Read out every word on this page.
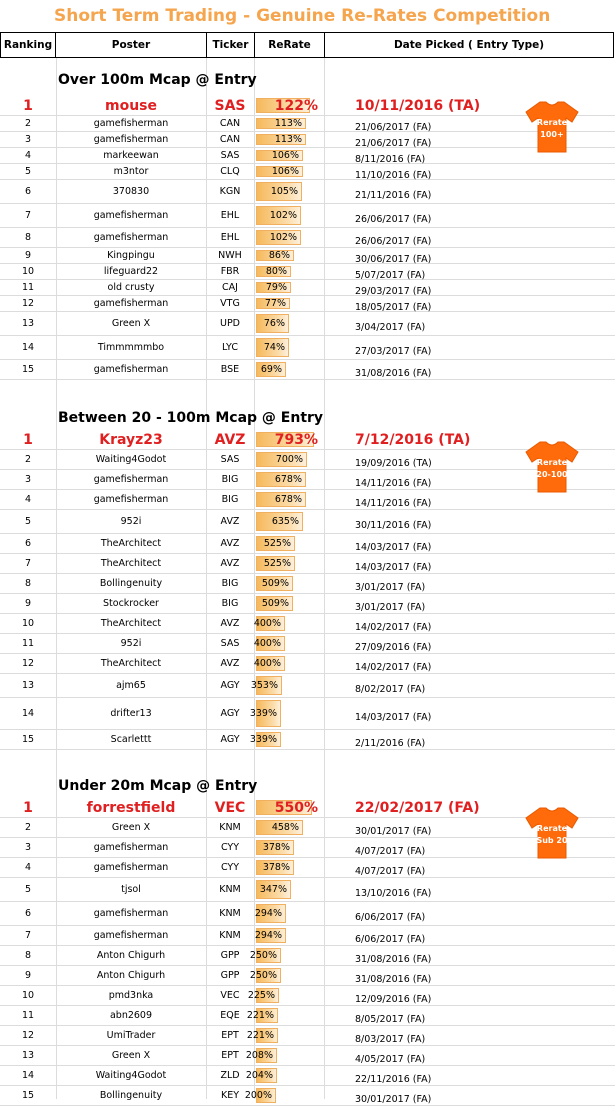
Short Term Trading - Genuine Re-Rates Competition
Ranking	Poster	Ticker	ReRate	Date Picked ( Entry Type)
Over 100m Mcap @ Entry
1	mouse	SAS	122%	10/11/2016 (TA)
2	gamefisherman	CAN	113%	21/06/2017 (FA)
3	gamefisherman	CAN	113%	21/06/2017 (FA)
4	markeewan	SAS	106%	8/11/2016 (FA)
5	m3ntor	CLQ	106%	11/10/2016 (FA)
6	370830	KGN	105%	21/11/2016 (FA)
7	gamefisherman	EHL	102%	26/06/2017 (FA)
8	gamefisherman	EHL	102%	26/06/2017 (FA)
9	Kingpingu	NWH	86%	30/06/2017 (FA)
10	lifeguard22	FBR	80%	5/07/2017 (FA)
11	old crusty	CAJ	79%	29/03/2017 (FA)
12	gamefisherman	VTG	77%	18/05/2017 (FA)
13	Green X	UPD	76%	3/04/2017 (FA)
14	Timmmmmbo	LYC	74%	27/03/2017 (FA)
15	gamefisherman	BSE	69%	31/08/2016 (FA)
Rerate
100+
Between 20 - 100m Mcap @ Entry
1	Krayz23	AVZ	793%	7/12/2016 (TA)
2	Waiting4Godot	SAS	700%	19/09/2016 (TA)
3	gamefisherman	BIG	678%	14/11/2016 (FA)
4	gamefisherman	BIG	678%	14/11/2016 (FA)
5	952i	AVZ	635%	30/11/2016 (FA)
6	TheArchitect	AVZ	525%	14/03/2017 (FA)
7	TheArchitect	AVZ	525%	14/03/2017 (FA)
8	Bollingenuity	BIG	509%	3/01/2017 (FA)
9	Stockrocker	BIG	509%	3/01/2017 (FA)
10	TheArchitect	AVZ	400%	14/02/2017 (FA)
11	952i	SAS	400%	27/09/2016 (FA)
12	TheArchitect	AVZ	400%	14/02/2017 (FA)
13	ajm65	AGY	353%	8/02/2017 (FA)
14	drifter13	AGY	339%	14/03/2017 (FA)
15	Scarlettt	AGY	339%	2/11/2016 (FA)
Rerate
20-100
Under 20m Mcap @ Entry
1	forrestfield	VEC	550%	22/02/2017 (FA)
2	Green X	KNM	458%	30/01/2017 (FA)
3	gamefisherman	CYY	378%	4/07/2017 (FA)
4	gamefisherman	CYY	378%	4/07/2017 (FA)
5	tjsol	KNM	347%	13/10/2016 (FA)
6	gamefisherman	KNM	294%	6/06/2017 (FA)
7	gamefisherman	KNM	294%	6/06/2017 (FA)
8	Anton Chigurh	GPP	250%	31/08/2016 (FA)
9	Anton Chigurh	GPP	250%	31/08/2016 (FA)
10	pmd3nka	VEC 225%	12/09/2016 (FA)
11	abn2609	EQE 221%	8/05/2017 (FA)
12	UmiTrader	EPT 221%	8/03/2017 (FA)
13	Green X	EPT 208%	4/05/2017 (FA)
14	Waiting4Godot	ZLD 204%	22/11/2016 (FA)
15	Bollingenuity	KEY 200%	30/01/2017 (FA)
Rerate
Sub 20
